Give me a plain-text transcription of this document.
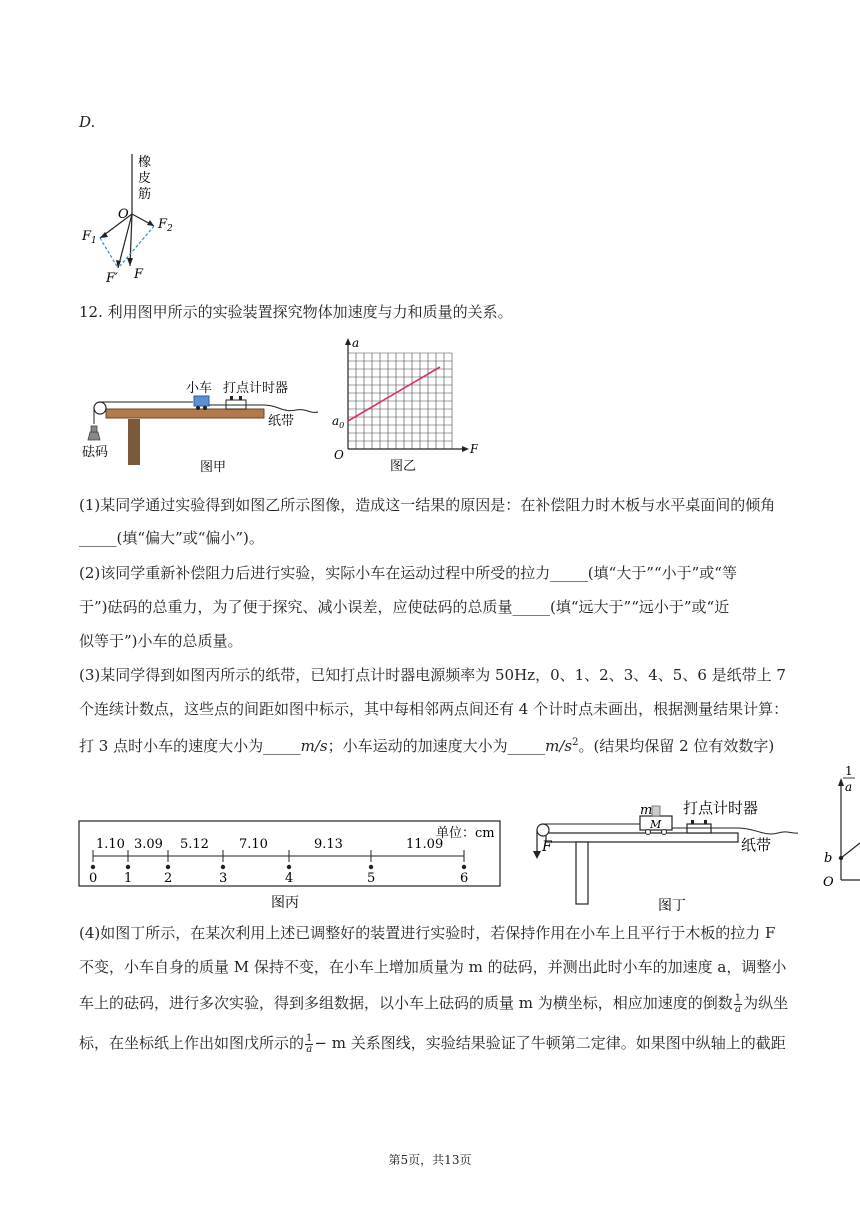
D.
橡
皮
筋
O
$F_1$
$F_2$
F′ F
12. 利用图甲所示的实验装置探究物体加速度与力和质量的关系。
小车 打点计时器
纸带
砝码
图甲
a
F
O
$a_0$
图乙
(1)某同学通过实验得到如图乙所示图像，造成这一结果的原因是：在补偿阻力时木板与水平桌面间的倾角
_____(填“偏大”或“偏小”)。
(2)该同学重新补偿阻力后进行实验，实际小车在运动过程中所受的拉力_____(填“大于”“小于”或“等
于”)砝码的总重力，为了便于探究、减小误差，应使砝码的总质量_____(填“远大于”“远小于”或“近
似等于”)小车的总质量。
(3)某同学得到如图丙所示的纸带，已知打点计时器电源频率为 50Hz，0、1、2、3、4、5、6 是纸带上 7
个连续计数点，这些点的间距如图中标示，其中每相邻两点间还有 4 个计时点未画出，根据测量结果计算：
打 3 点时小车的速度大小为_____m/s；小车运动的加速度大小为$\_\_\_\_\_m/s^2$。(结果均保留 2 位有效数字)
单位：cm
1.10 3.09 5.12 7.10	9.13	11.09
0 1 2	3	4	5	6
图丙
m
M
打点计时器
纸带
F
图丁
1
a
b
O
(4)如图丁所示，在某次利用上述已调整好的装置进行实验时，若保持作用在小车上且平行于木板的拉力 F
不变，小车自身的质量 M 保持不变，在小车上增加质量为 m 的砝码，并测出此时小车的加速度 a，调整小
车上的砝码，进行多次实验，得到多组数据，以小车上砝码的质量 m 为横坐标，相应加速度的倒数 $\frac{1}{a}$ 为纵坐
标，在坐标纸上作出如图戊所示的 $\frac{1}{a} - m$ 关系图线，实验结果验证了牛顿第二定律。如果图中纵轴上的截距
第5页，共13页
